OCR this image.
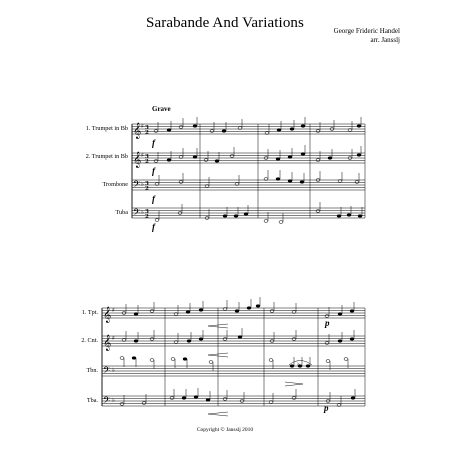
Sarabande And Variations	George Frideric Handel
arr. Jansslj
Grave
1. Trumpet in Bb
2. Trumpet in Bb
Trombone
Tuba
1. Tpt.
2. Cnt.
Tbn.
Tba.
𝄞
𝄞
𝄢
𝄢
♯
♯
♭
♭
3
2
3
2
3
2
3
2
f
f
f
f
𝄞
𝄞
𝄢
𝄢
♯
♯
♭
♭
♭
p
p
Copyright © Jansslj 2010
